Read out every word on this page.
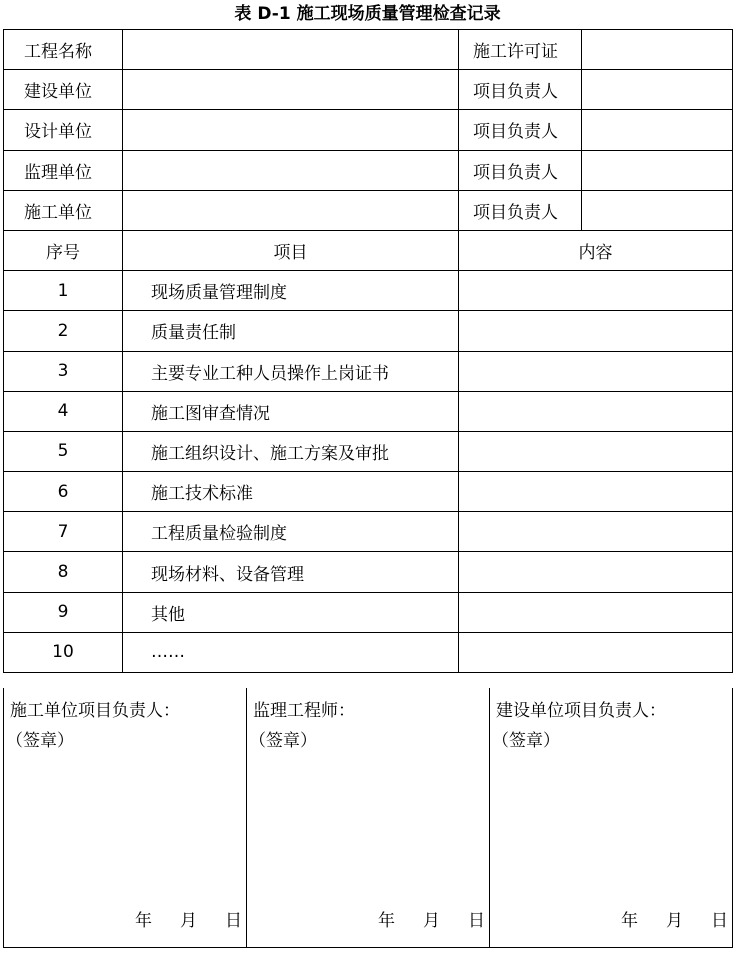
表 D-1 施工现场质量管理检查记录
工程名称		施工许可证	
建设单位		项目负责人	
设计单位		项目负责人	
监理单位		项目负责人	
施工单位		项目负责人	
序号	项目	内容	
1	现场质量管理制度		
2	质量责任制		
3	主要专业工种人员操作上岗证书		
4	施工图审查情况		
5	施工组织设计、施工方案及审批		
6	施工技术标准		
7	工程质量检验制度		
8	现场材料、设备管理		
9	其他		
10	……		
施工单位项目负责人：
（签章）
年 月 日

监理工程师：
（签章）
年 月 日

建设单位项目负责人：
（签章）
年 月 日
